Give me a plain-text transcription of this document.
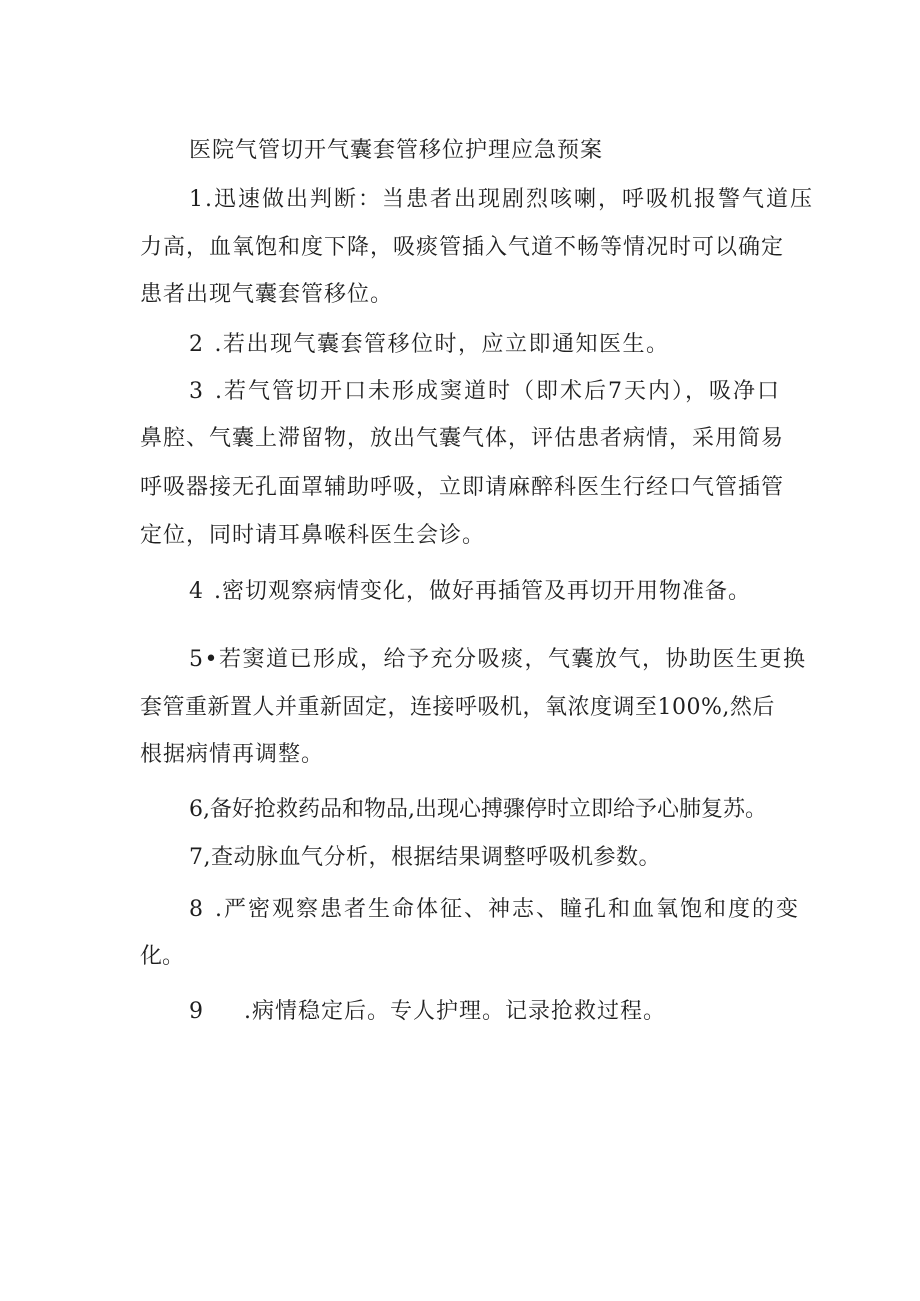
医院气管切开气囊套管移位护理应急预案
1.迅速做出判断：当患者出现剧烈咳喇，呼吸机报警气道压
力高，血氧饱和度下降，吸痰管插入气道不畅等情况时可以确定
患者出现气囊套管移位。
2 .若出现气囊套管移位时，应立即通知医生。
3 .若气管切开口未形成窦道时（即术后7天内），吸净口
鼻腔、气囊上滞留物，放出气囊气体，评估患者病情，采用简易
呼吸器接无孔面罩辅助呼吸，立即请麻醉科医生行经口气管插管
定位，同时请耳鼻喉科医生会诊。
4 .密切观察病情变化，做好再插管及再切开用物准备。
5•若窦道已形成，给予充分吸痰，气囊放气，协助医生更换
套管重新置人并重新固定，连接呼吸机，氧浓度调至100%,然后
根据病情再调整。
6,备好抢救药品和物品,出现心搏骤停时立即给予心肺复苏。
7,查动脉血气分析，根据结果调整呼吸机参数。
8 .严密观察患者生命体征、神志、瞳孔和血氧饱和度的变
化。
9 .病情稳定后。专人护理。记录抢救过程。
